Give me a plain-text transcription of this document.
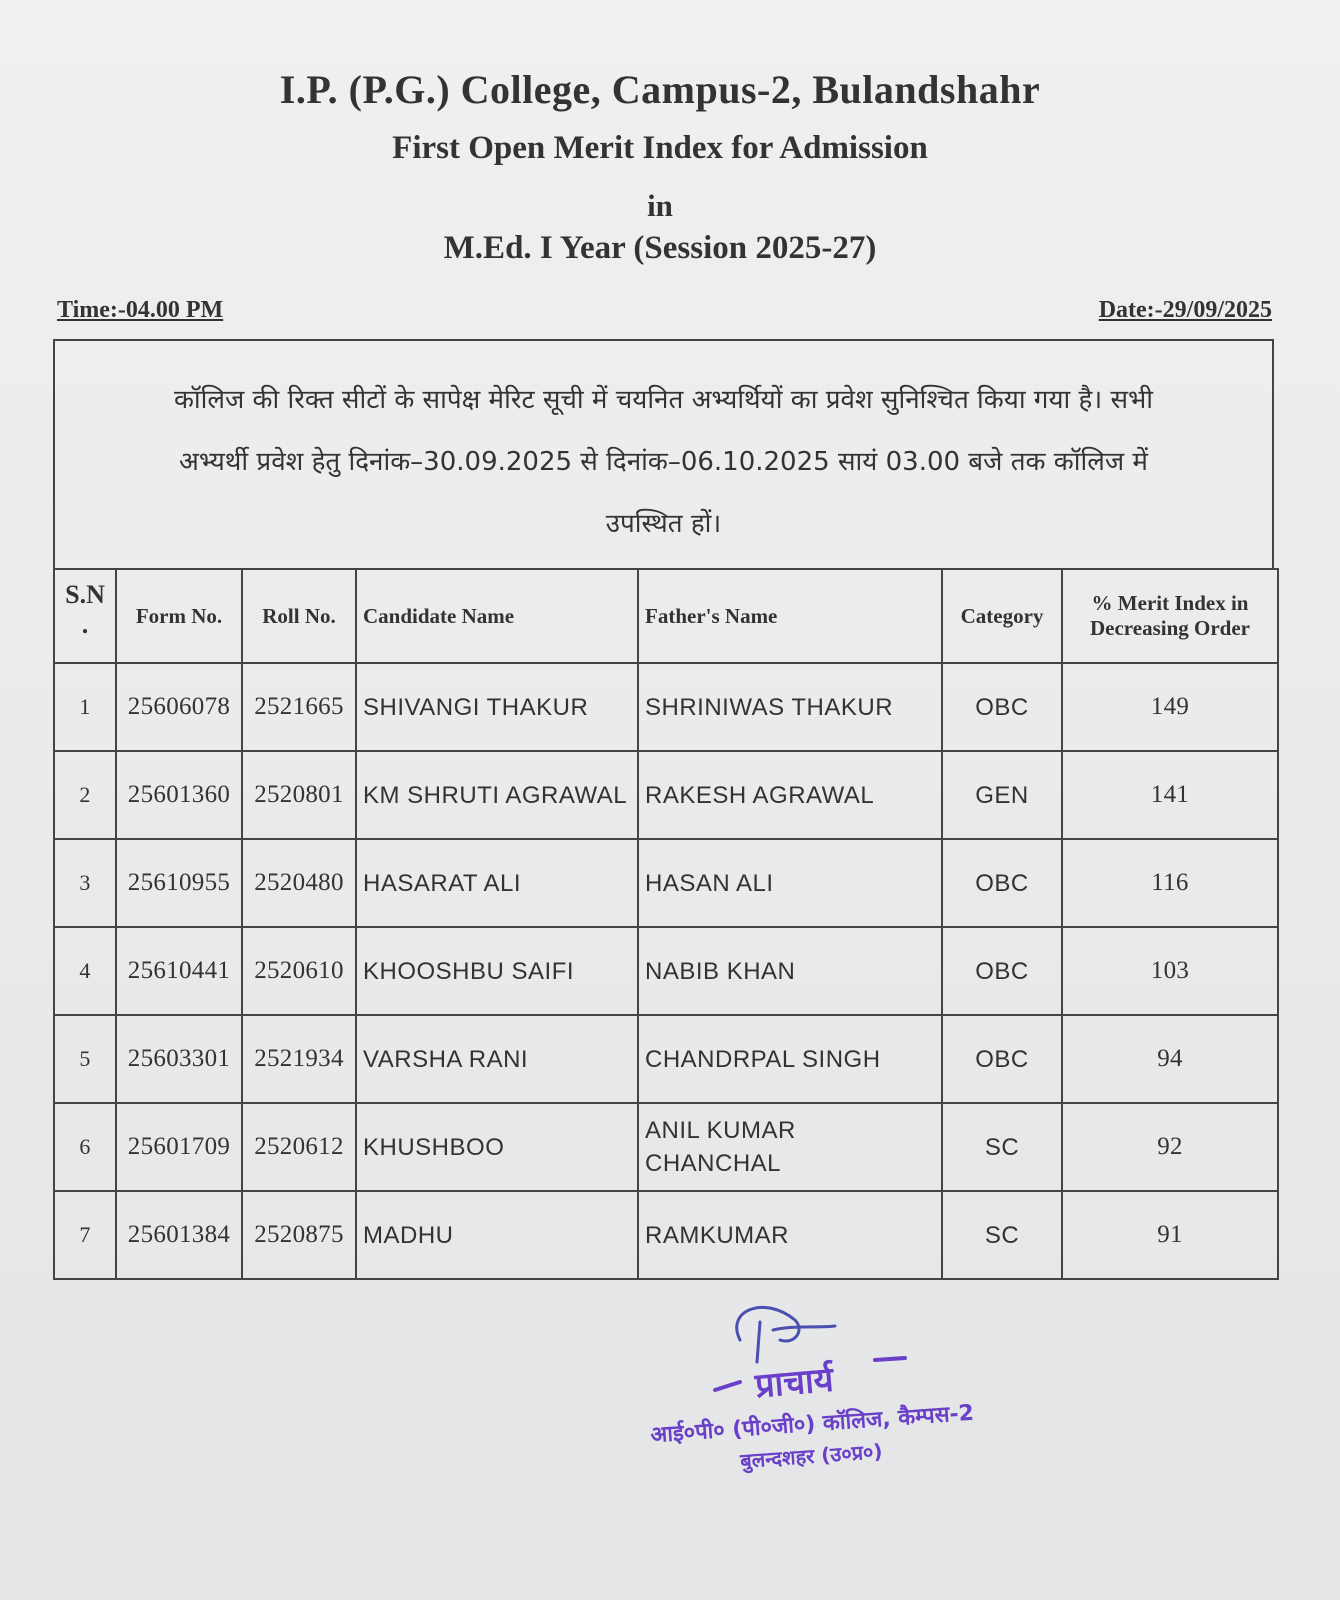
I.P. (P.G.) College, Campus-2, Bulandshahr
First Open Merit Index for Admission
in
M.Ed. I Year (Session 2025-27)
Time:-04.00 PM	Date:-29/09/2025
कॉलिज की रिक्त सीटों के सापेक्ष मेरिट सूची में चयनित अभ्यर्थियों का प्रवेश सुनिश्चित किया गया है। सभी
अभ्यर्थी प्रवेश हेतु दिनांक–30.09.2025 से दिनांक–06.10.2025 सायं 03.00 बजे तक कॉलिज में
उपस्थित हों।
S.N .	Form No.	Roll No.	Candidate Name	Father's Name	Category	% Merit Index in Decreasing Order
1	25606078	2521665	SHIVANGI THAKUR	SHRINIWAS THAKUR	OBC	149
2	25601360	2520801	KM SHRUTI AGRAWAL	RAKESH AGRAWAL	GEN	141
3	25610955	2520480	HASARAT ALI	HASAN ALI	OBC	116
4	25610441	2520610	KHOOSHBU SAIFI	NABIB KHAN	OBC	103
5	25603301	2521934	VARSHA RANI	CHANDRPAL SINGH	OBC	94
6	25601709	2520612	KHUSHBOO	ANIL KUMAR CHANCHAL	SC	92
7	25601384	2520875	MADHU	RAMKUMAR	SC	91
प्राचार्य
आई०पी० (पी०जी०) कॉलिज, कैम्पस-2
बुलन्दशहर (उ०प्र०)
